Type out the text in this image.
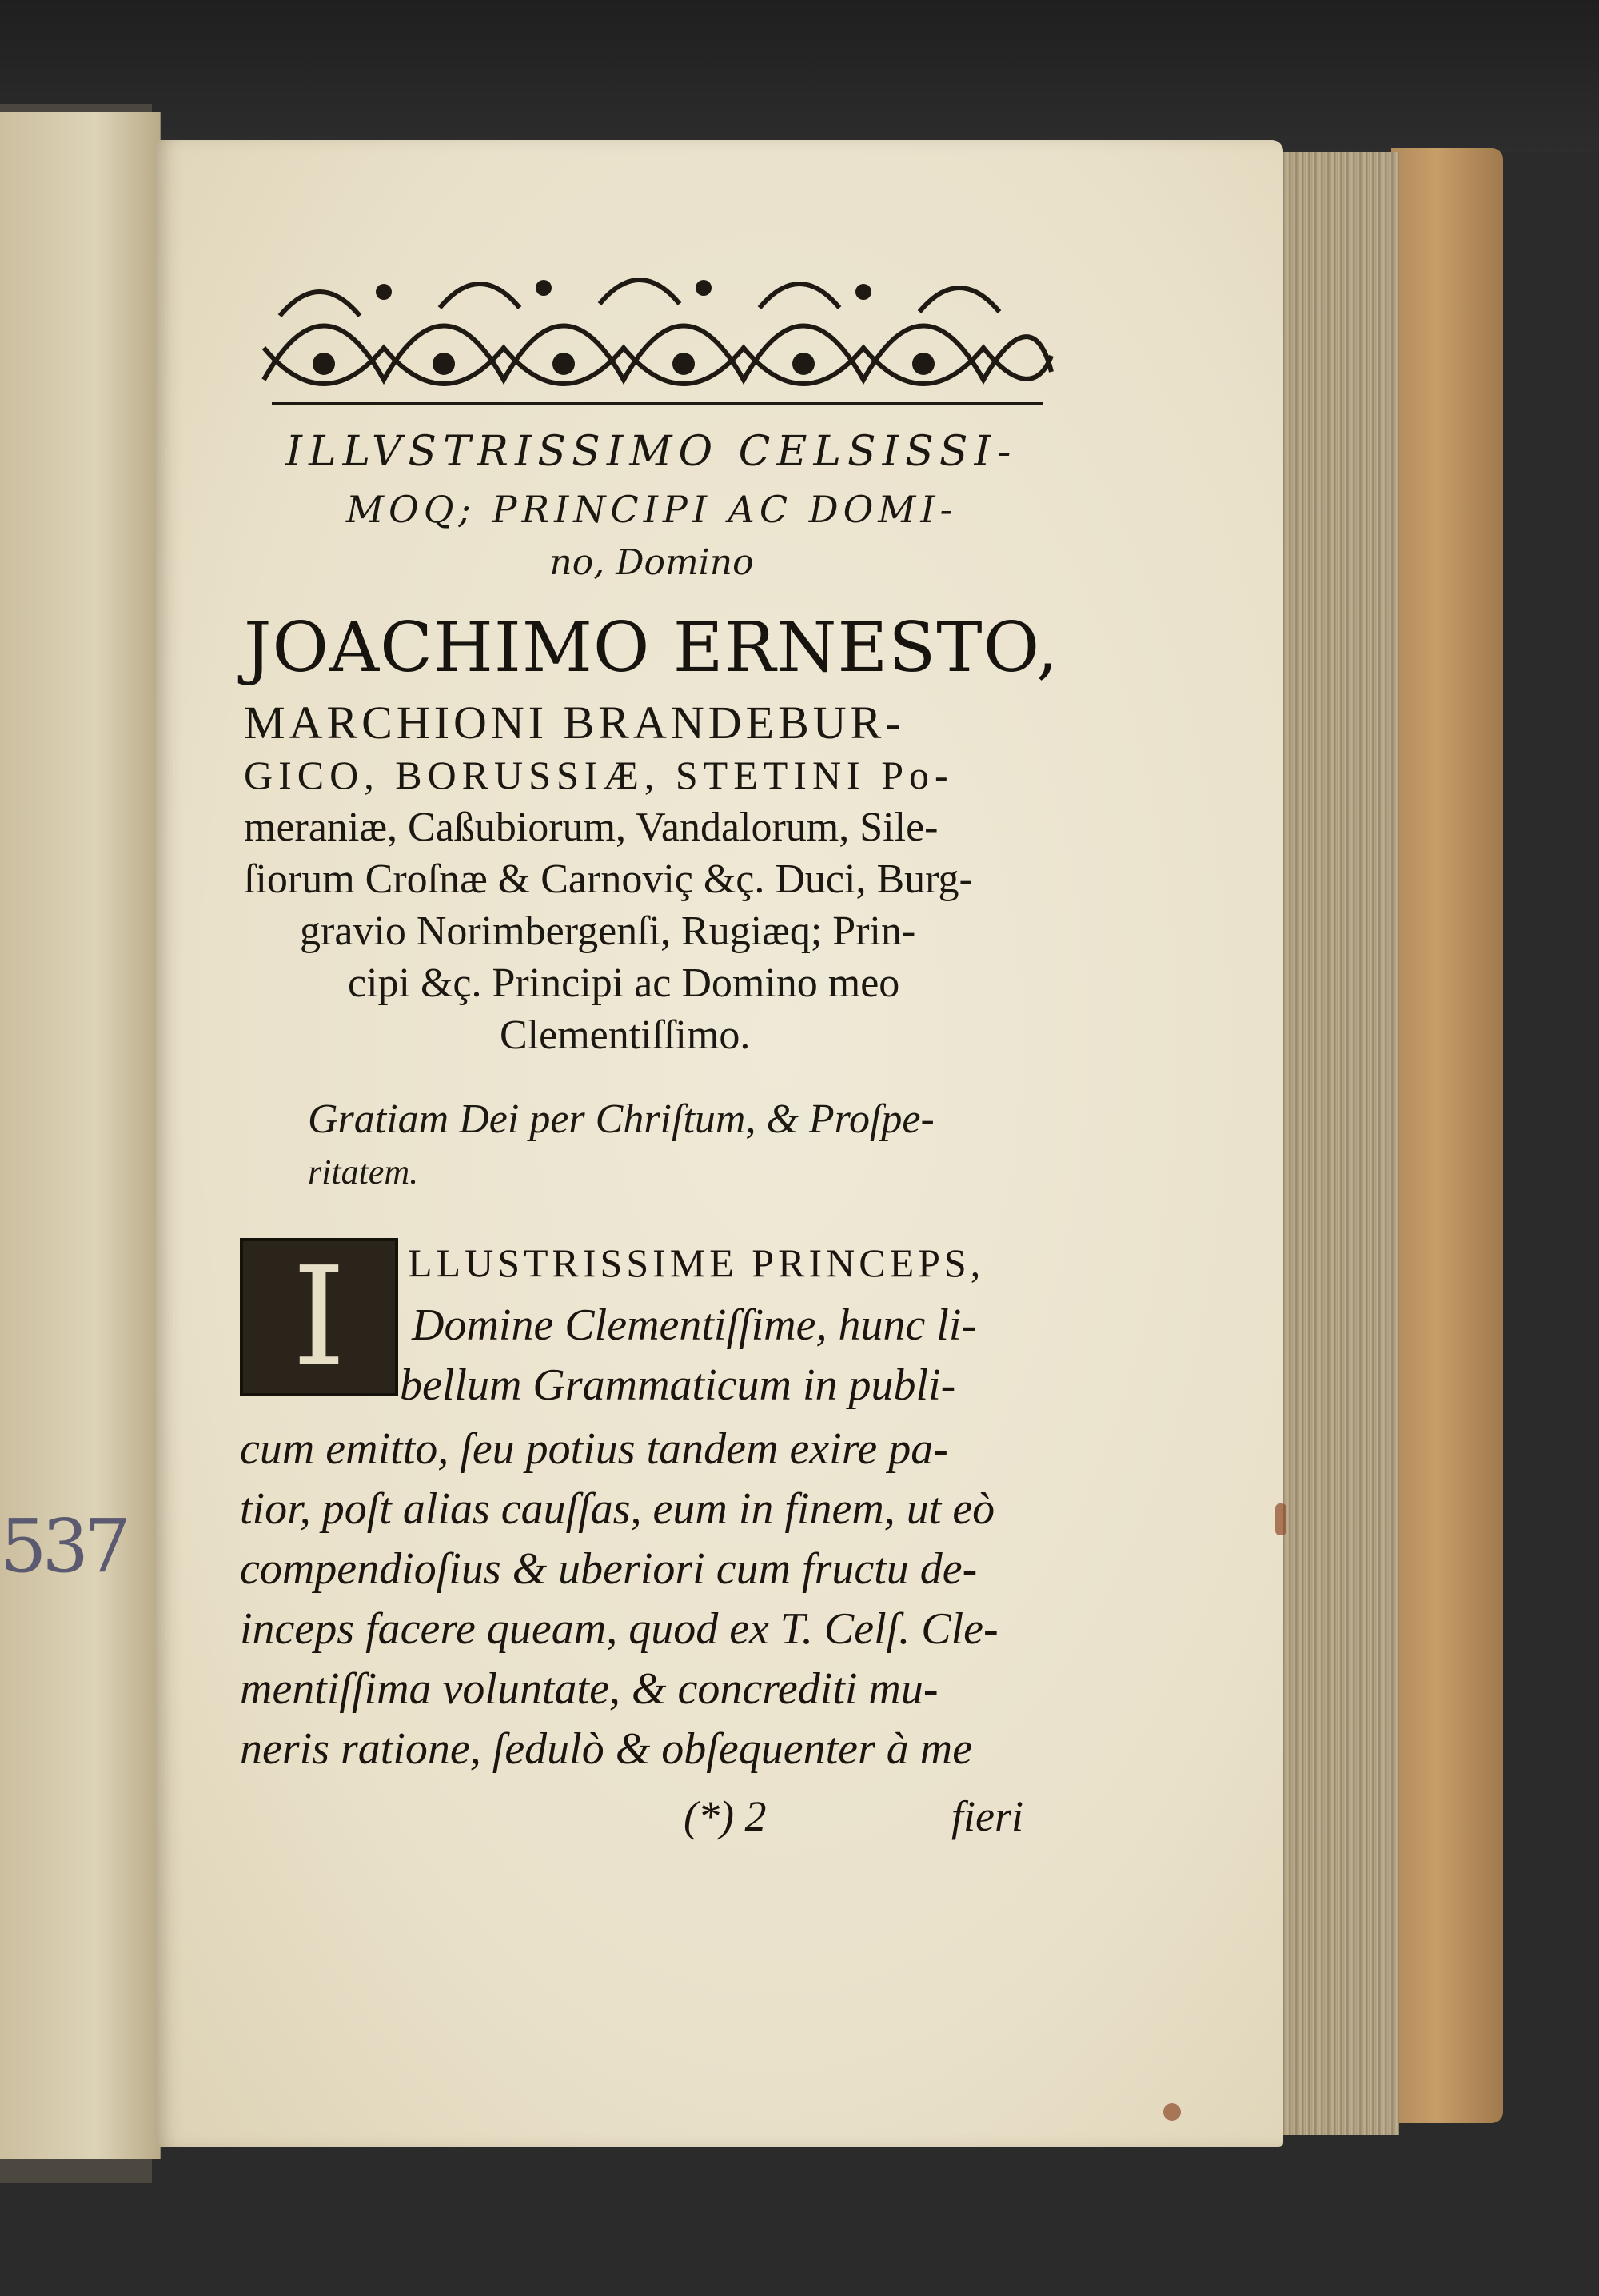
537
ILLVSTRISSIMO CELSISSI-
MOQ; PRINCIPI AC DOMI-
no, Domino
JOACHIMO ERNESTO,
MARCHIONI BRANDEBUR-
GICO, BORUSSIÆ, STETINI Po-
meraniæ, Caßubiorum, Vandalorum, Sile-
ſiorum Croſnæ & Carnoviç &ç. Duci, Burg-
gravio Norimbergenſi, Rugiæq; Prin-
cipi &ç. Principi ac Domino meo
Clementiſſimo.
Gratiam Dei per Chriſtum, & Proſpe-
ritatem.
I	LLUSTRISSIME PRINCEPS,
Domine Clementiſſime, hunc li-
bellum Grammaticum in publi-
cum emitto, ſeu potius tandem exire pa-
tior, poſt alias cauſſas, eum in finem, ut eò
compendioſius & uberiori cum fructu de-
inceps facere queam, quod ex T. Celſ. Cle-
mentiſſima voluntate, & concrediti mu-
neris ratione, ſedulò & obſequenter à me
(*) 2	fieri
